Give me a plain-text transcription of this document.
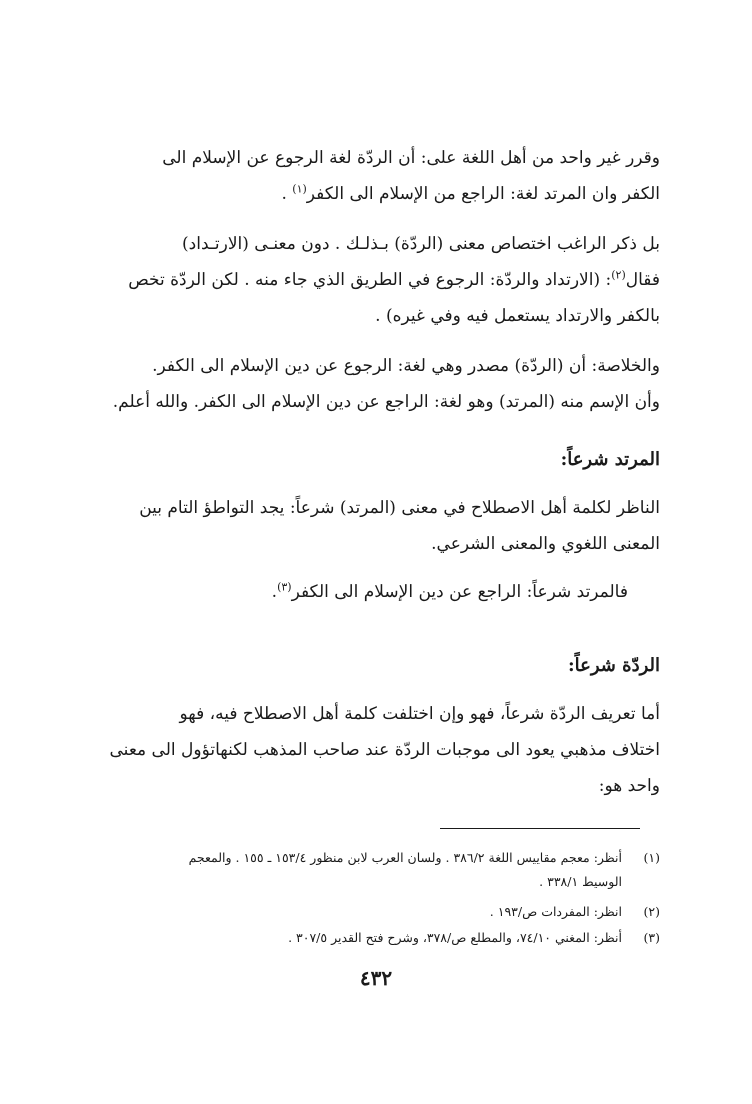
وقرر غير واحد من أهل اللغة على: أن الردّة لغة الرجوع عن الإسلام الى
الكفر وان المرتد لغة: الراجع من الإسلام الى الكفر$^{(١)}$ .

بل ذكر الراغب اختصاص معنى (الردّة) بـذلـك . دون معنـى (الارتـداد)
فقال$^{(٢)}$: (الارتداد والردّة: الرجوع في الطريق الذي جاء منه . لكن الردّة تخص
بالكفر والارتداد يستعمل فيه وفي غيره) .

والخلاصة: أن (الردّة) مصدر وهي لغة: الرجوع عن دين الإسلام الى الكفر.
وأن الإسم منه (المرتد) وهو لغة: الراجع عن دين الإسلام الى الكفر. والله أعلم.

المرتد شرعاً:

الناظر لكلمة أهل الاصطلاح في معنى (المرتد) شرعاً: يجد التواطؤ التام بين
المعنى اللغوي والمعنى الشرعي.

فالمرتد شرعاً: الراجع عن دين الإسلام الى الكفر$^{(٣)}$.

الردّة شرعاً:

أما تعريف الردّة شرعاً، فهو وإن اختلفت كلمة أهل الاصطلاح فيه، فهو
اختلاف مذهبي يعود الى موجبات الردّة عند صاحب المذهب لكنهاتؤول الى معنى
واحد هو:

(١) أنظر: معجم مقاييس اللغة ٣٨٦/٢ . ولسان العرب لابن منظور ١٥٣/٤ ـ ١٥٥ . والمعجم
الوسيط ٣٣٨/١ .

(٢) انظر: المفردات ص/١٩٣ .

(٣) أنظر: المغني ٧٤/١٠، والمطلع ص/٣٧٨، وشرح فتح القدير ٣٠٧/٥ .

٤٣٢
